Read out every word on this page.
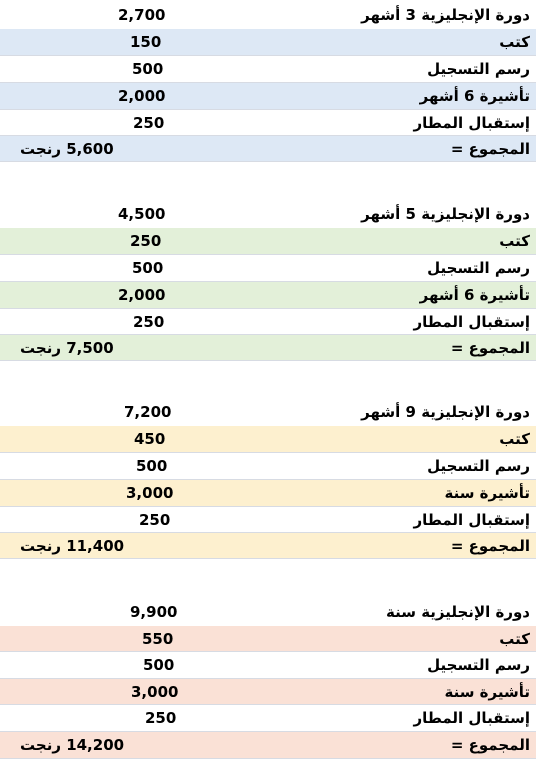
دورة الإنجليزية 3 أشهر
2,700
كتب
150
رسم التسجيل
500
تأشيرة 6 أشهر
2,000
إستقبال المطار
250
المجموع =
5,600 رنجت
دورة الإنجليزية 5 أشهر
4,500
كتب
250
رسم التسجيل
500
تأشيرة 6 أشهر
2,000
إستقبال المطار
250
المجموع =
7,500 رنجت
دورة الإنجليزية 9 أشهر
7,200
كتب
450
رسم التسجيل
500
تأشيرة سنة
3,000
إستقبال المطار
250
المجموع =
11,400 رنجت
دورة الإنجليزية سنة
9,900
كتب
550
رسم التسجيل
500
تأشيرة سنة
3,000
إستقبال المطار
250
المجموع =
14,200 رنجت
